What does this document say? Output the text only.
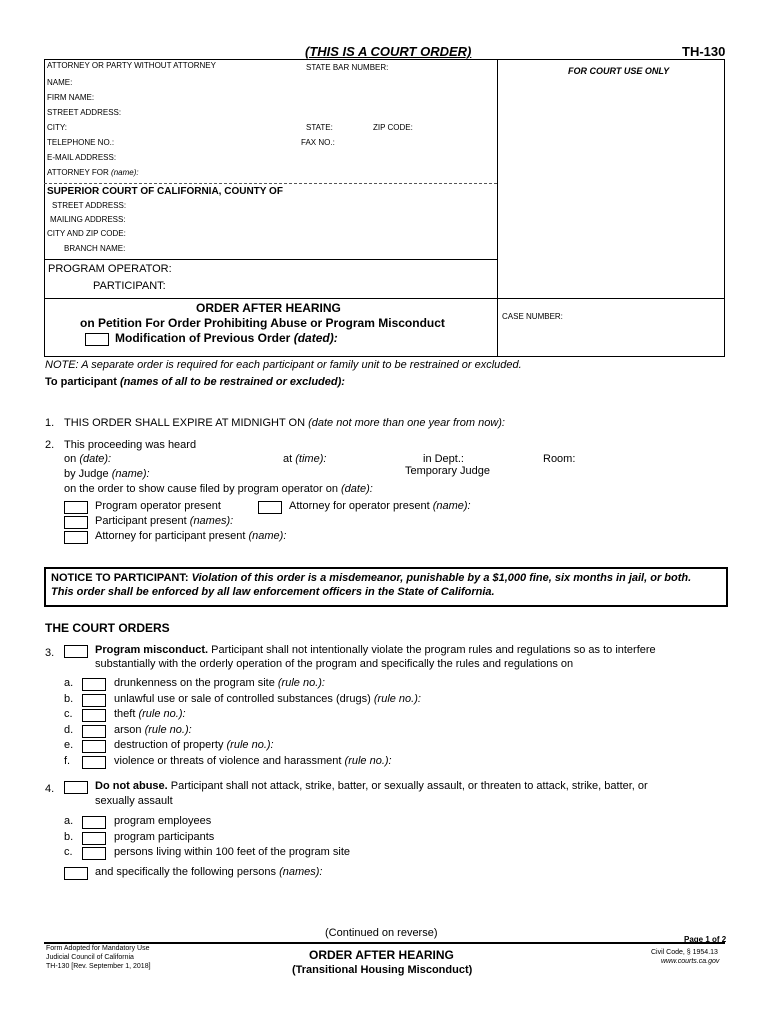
(THIS IS A COURT ORDER)	TH-130
FOR COURT USE ONLY
ATTORNEY OR PARTY WITHOUT ATTORNEY	STATE BAR NUMBER:
NAME:
FIRM NAME:
STREET ADDRESS:
CITY:	STATE:	ZIP CODE:
TELEPHONE NO.:	FAX NO.:
E-MAIL ADDRESS:
ATTORNEY FOR (name):
SUPERIOR COURT OF CALIFORNIA, COUNTY OF
STREET ADDRESS:
MAILING ADDRESS:
CITY AND ZIP CODE:
BRANCH NAME:
PROGRAM OPERATOR:
PARTICIPANT:
ORDER AFTER HEARING
on Petition For Order Prohibiting Abuse or Program Misconduct
Modification of Previous Order (dated):
CASE NUMBER:
NOTE: A separate order is required for each participant or family unit to be restrained or excluded.
To participant (names of all to be restrained or excluded):
1. THIS ORDER SHALL EXPIRE AT MIDNIGHT ON (date not more than one year from now):
2. This proceeding was heard
on (date):	at (time):	in Dept.:	Room:
by Judge (name):	Temporary Judge
on the order to show cause filed by program operator on (date):
Program operator present	Attorney for operator present (name):
Participant present (names):
Attorney for participant present (name):
NOTICE TO PARTICIPANT: Violation of this order is a misdemeanor, punishable by a $1,000 fine, six months in jail, or both.
This order shall be enforced by all law enforcement officers in the State of California.
THE COURT ORDERS
3.	Program misconduct. Participant shall not intentionally violate the program rules and regulations so as to interfere
substantially with the orderly operation of the program and specifically the rules and regulations on
a.	drunkenness on the program site (rule no.):
b.	unlawful use or sale of controlled substances (drugs) (rule no.):
c.	theft (rule no.):
d.	arson (rule no.):
e.	destruction of property (rule no.):
f.	violence or threats of violence and harassment (rule no.):
4.	Do not abuse. Participant shall not attack, strike, batter, or sexually assault, or threaten to attack, strike, batter, or
sexually assault
a.	program employees
b.	program participants
c.	persons living within 100 feet of the program site
and specifically the following persons (names):
(Continued on reverse)
Page 1 of 2
Form Adopted for Mandatory Use
Judicial Council of California
TH-130 [Rev. September 1, 2018]
ORDER AFTER HEARING
(Transitional Housing Misconduct)
Civil Code, § 1954.13
www.courts.ca.gov
